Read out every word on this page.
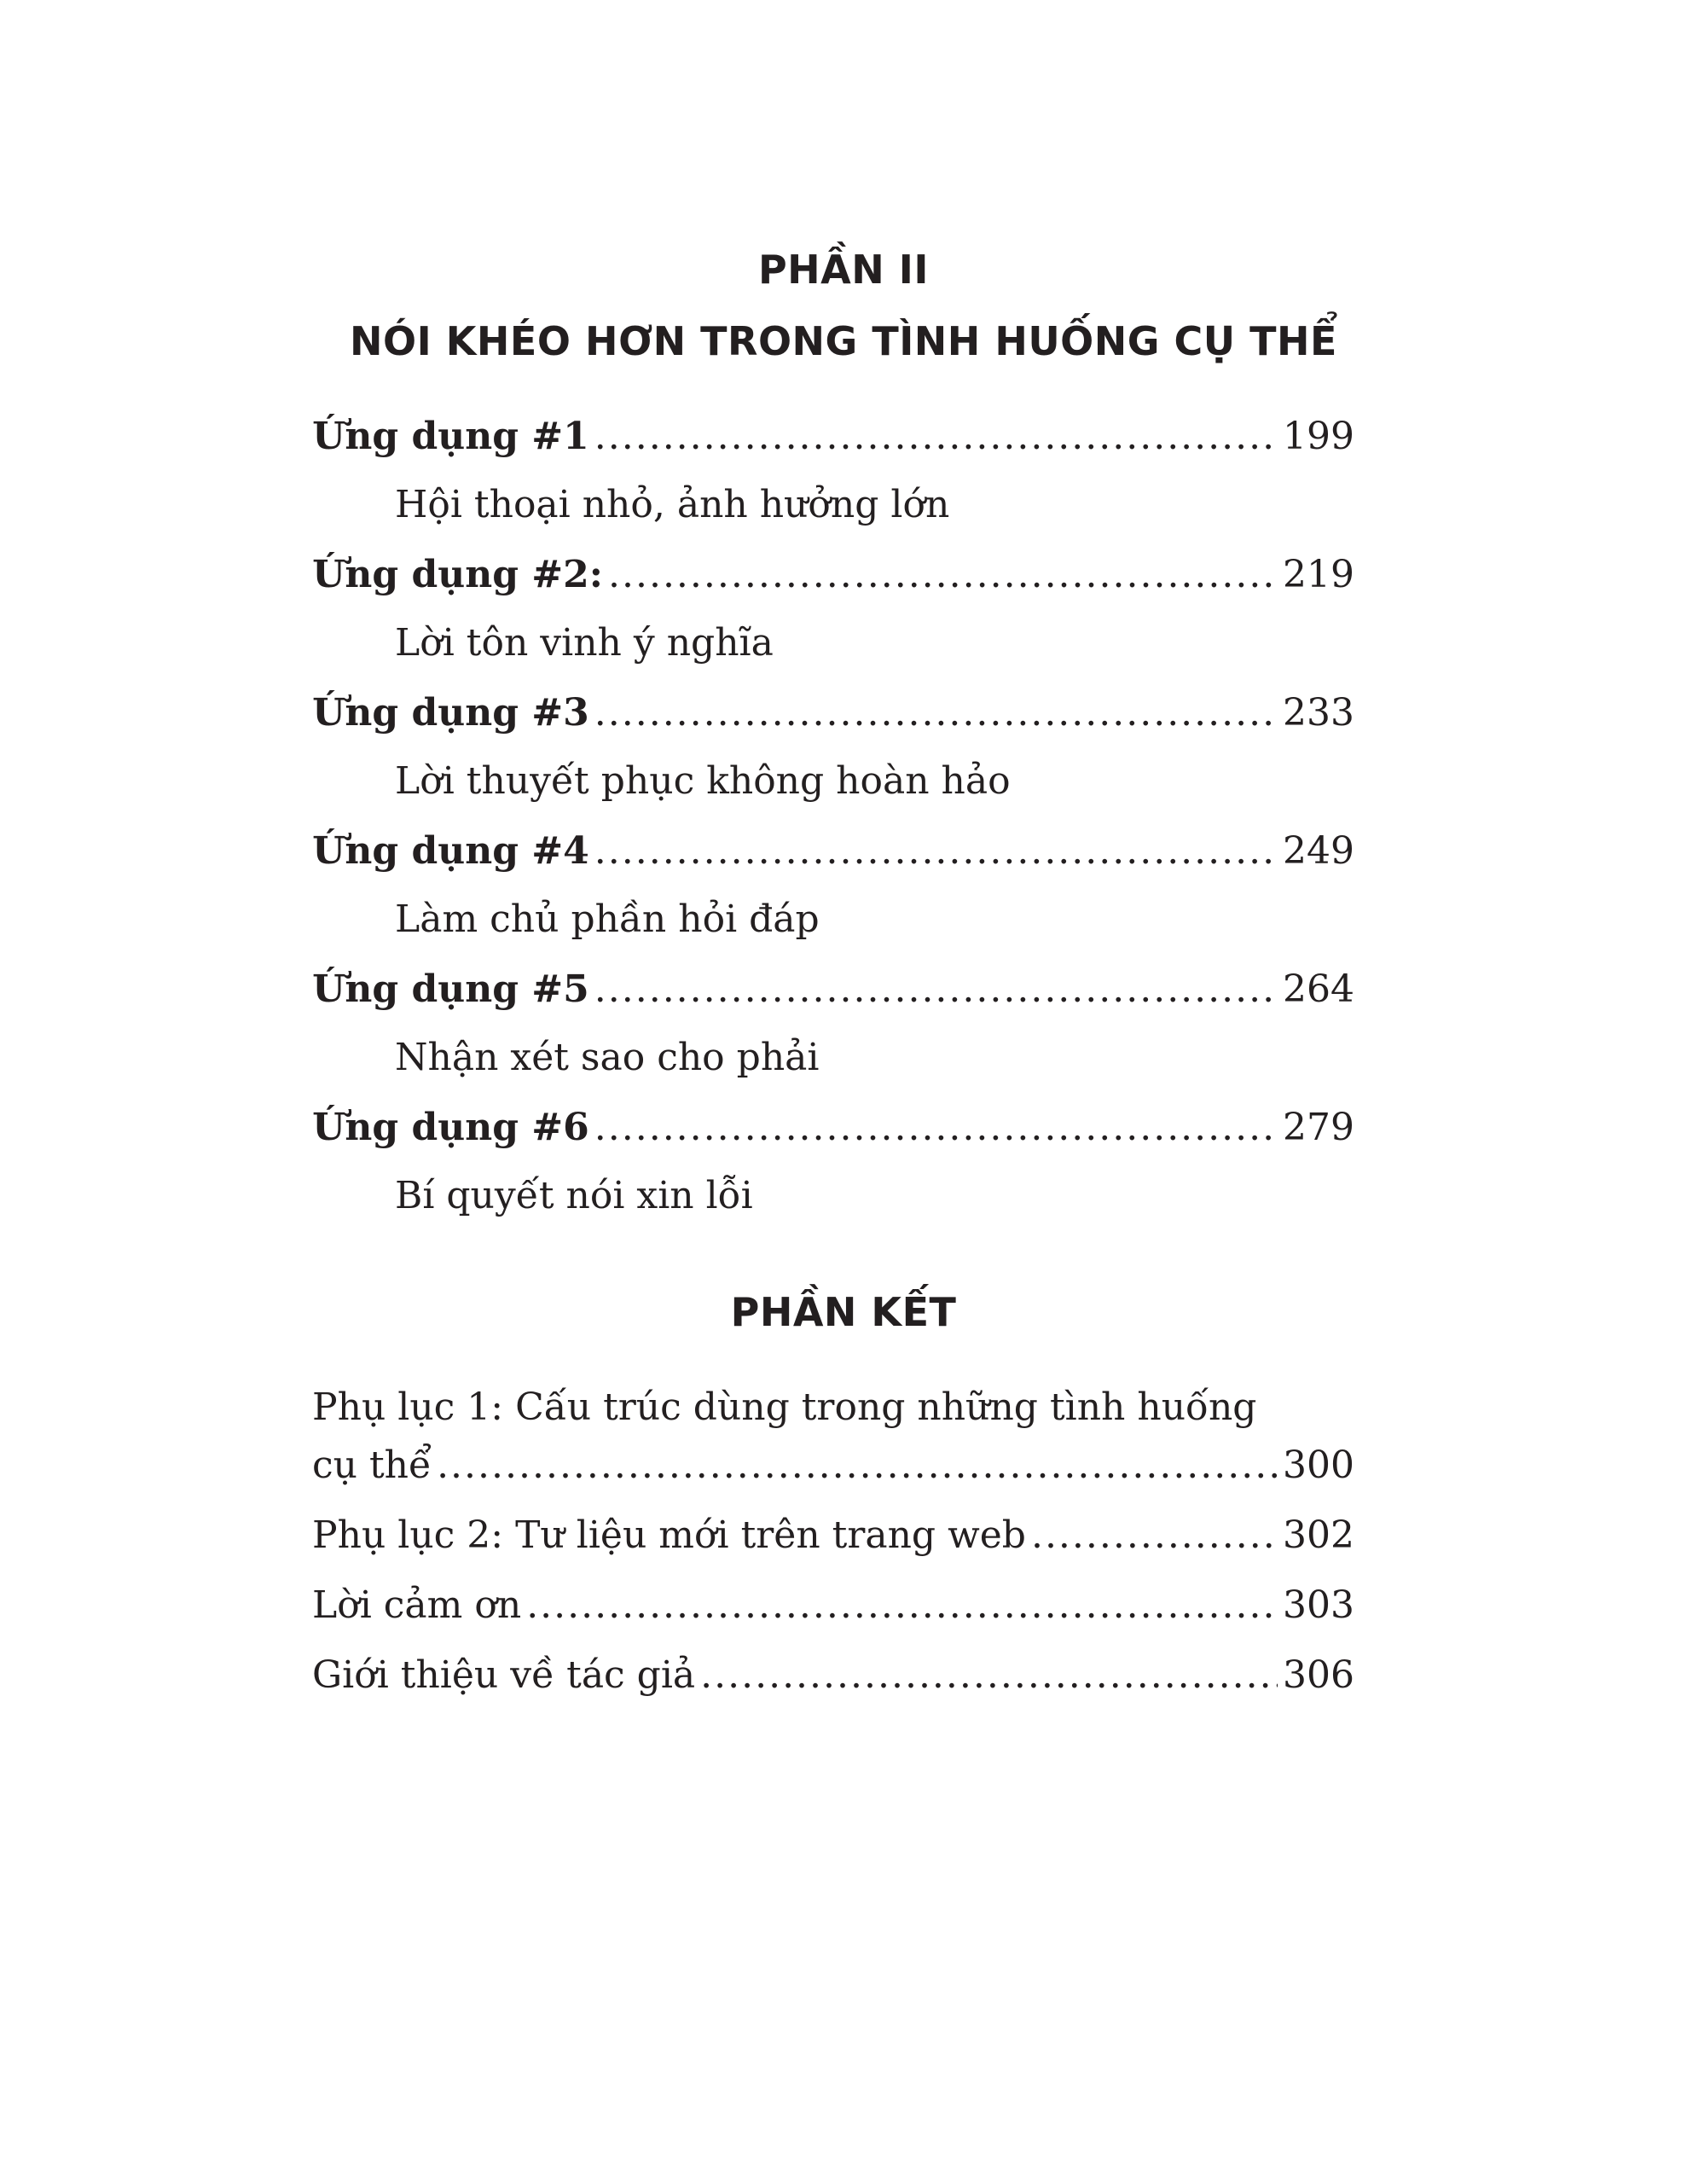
PHẦN II
NÓI KHÉO HƠN TRONG TÌNH HUỐNG CỤ THỂ
Ứng dụng #1 .....	199
Hội thoại nhỏ, ảnh hưởng lớn
Ứng dụng #2: .....	219
Lời tôn vinh ý nghĩa
Ứng dụng #3 .....	233
Lời thuyết phục không hoàn hảo
Ứng dụng #4 .....	249
Làm chủ phần hỏi đáp
Ứng dụng #5 .....	264
Nhận xét sao cho phải
Ứng dụng #6 .....	279
Bí quyết nói xin lỗi
PHẦN KẾT
Phụ lục 1: Cấu trúc dùng trong những tình huống
cụ thể .....	300
Phụ lục 2: Tư liệu mới trên trang web .....	302
Lời cảm ơn .....	303
Giới thiệu về tác giả .....	306
